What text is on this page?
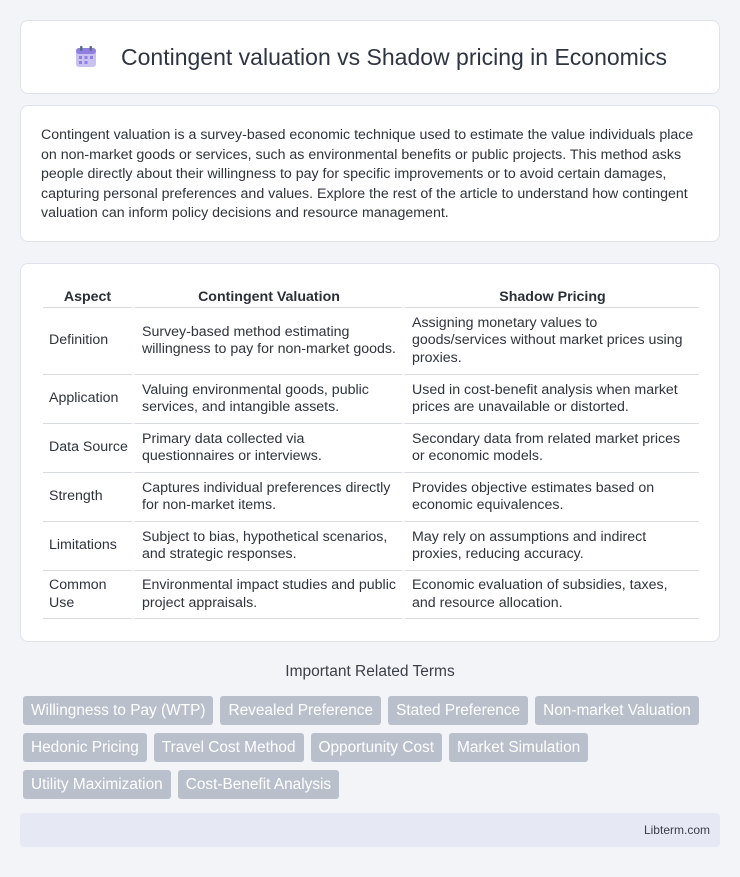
Contingent valuation vs Shadow pricing in Economics

Contingent valuation is a survey-based economic technique used to estimate the value individuals place on non-market goods or services, such as environmental benefits or public projects. This method asks people directly about their willingness to pay for specific improvements or to avoid certain damages, capturing personal preferences and values. Explore the rest of the article to understand how contingent valuation can inform policy decisions and resource management.

Aspect	Contingent Valuation	Shadow Pricing
Definition	Survey-based method estimating willingness to pay for non-market goods.	Assigning monetary values to goods/services without market prices using proxies.
Application	Valuing environmental goods, public services, and intangible assets.	Used in cost-benefit analysis when market prices are unavailable or distorted.
Data Source	Primary data collected via questionnaires or interviews.	Secondary data from related market prices or economic models.
Strength	Captures individual preferences directly for non-market items.	Provides objective estimates based on economic equivalences.
Limitations	Subject to bias, hypothetical scenarios, and strategic responses.	May rely on assumptions and indirect proxies, reducing accuracy.
Common Use	Environmental impact studies and public project appraisals.	Economic evaluation of subsidies, taxes, and resource allocation.
Important Related Terms
Willingness to Pay (WTP)	Revealed Preference	Stated Preference	Non-market Valuation
Hedonic Pricing	Travel Cost Method	Opportunity Cost	Market Simulation
Utility Maximization	Cost-Benefit Analysis
Libterm.com
